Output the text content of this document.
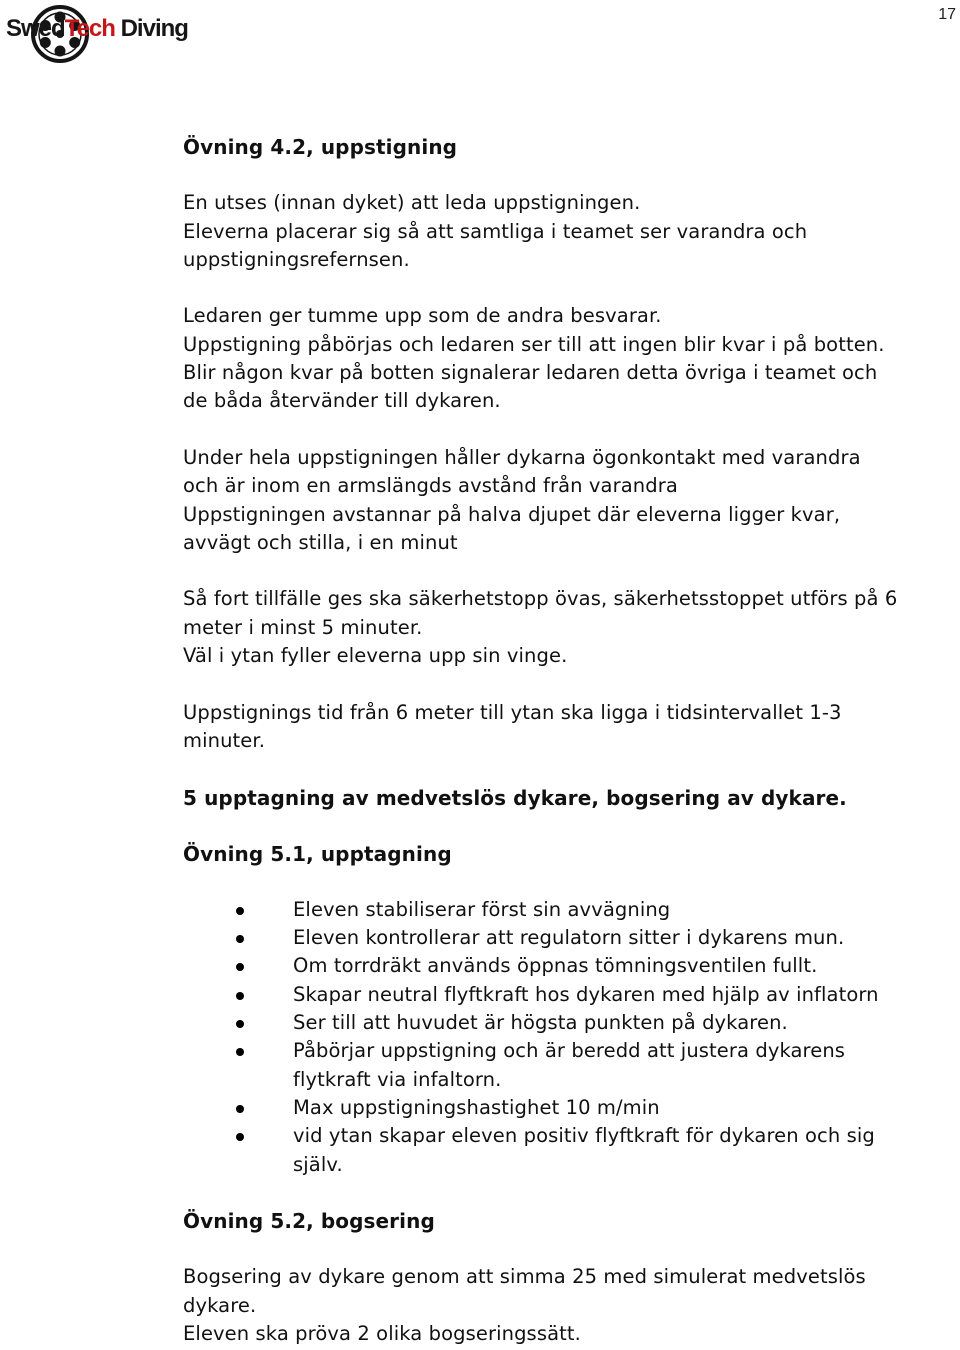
17
SwedTech Diving
Övning 4.2, uppstigning

En utses (innan dyket) att leda uppstigningen.

Eleverna placerar sig så att samtliga i teamet ser varandra och

uppstigningsrefernsen.

Ledaren ger tumme upp som de andra besvarar.

Uppstigning påbörjas och ledaren ser till att ingen blir kvar i på botten.

Blir någon kvar på botten signalerar ledaren detta övriga i teamet och

de båda återvänder till dykaren.

Under hela uppstigningen håller dykarna ögonkontakt med varandra

och är inom en armslängds avstånd från varandra

Uppstigningen avstannar på halva djupet där eleverna ligger kvar,

avvägt och stilla, i en minut

Så fort tillfälle ges ska säkerhetstopp övas, säkerhetsstoppet utförs på 6

meter i minst 5 minuter.

Väl i ytan fyller eleverna upp sin vinge.

Uppstignings tid från 6 meter till ytan ska ligga i tidsintervallet 1-3

minuter.

5 upptagning av medvetslös dykare, bogsering av dykare.
Övning 5.1, upptagning
Eleven stabiliserar först sin avvägning
Eleven kontrollerar att regulatorn sitter i dykarens mun.
Om torrdräkt används öppnas tömningsventilen fullt.
Skapar neutral flyftkraft hos dykaren med hjälp av inflatorn
Ser till att huvudet är högsta punkten på dykaren.
Påbörjar uppstigning och är beredd att justera dykarens
flytkraft via infaltorn.
Max uppstigningshastighet 10 m/min
vid ytan skapar eleven positiv flyftkraft för dykaren och sig
själv.
Övning 5.2, bogsering

Bogsering av dykare genom att simma 25 med simulerat medvetslös

dykare.

Eleven ska pröva 2 olika bogseringssätt.
